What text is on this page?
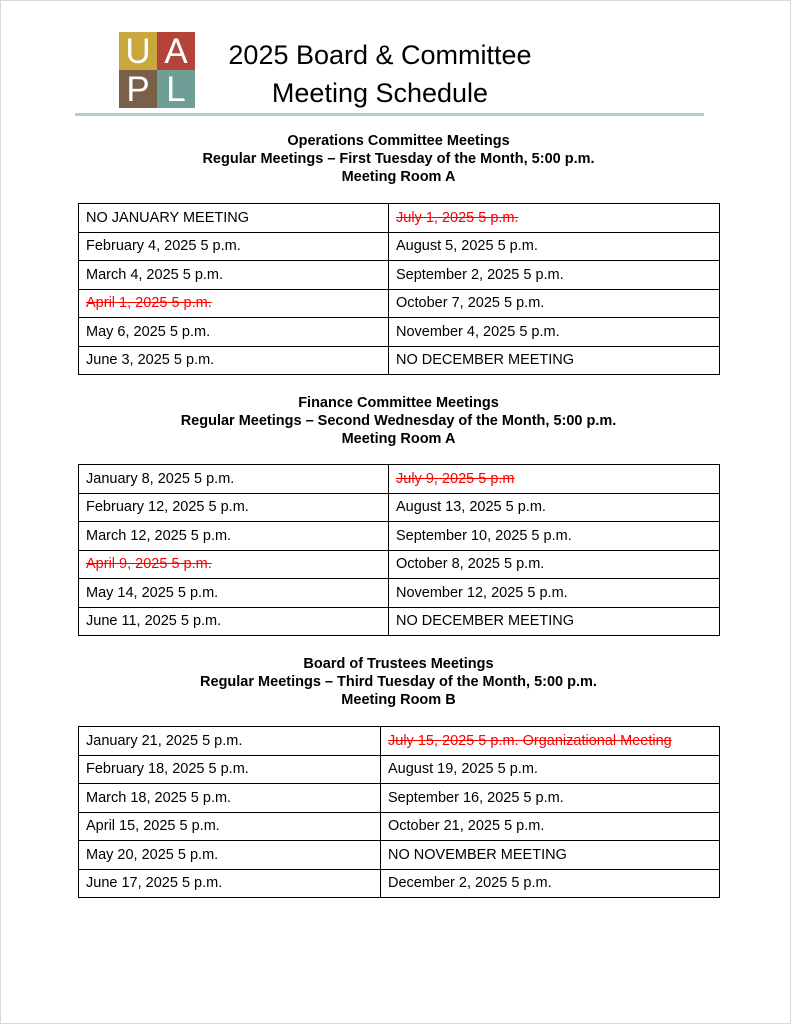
U A
P L
2025 Board & Committee
Meeting Schedule
Operations Committee Meetings
Regular Meetings – First Tuesday of the Month, 5:00 p.m.
Meeting Room A
NO JANUARY MEETING	July 1, 2025 5 p.m.
February 4, 2025 5 p.m.	August 5, 2025 5 p.m.
March 4, 2025 5 p.m.	September 2, 2025 5 p.m.
April 1, 2025 5 p.m.	October 7, 2025 5 p.m.
May 6, 2025 5 p.m.	November 4, 2025 5 p.m.
June 3, 2025 5 p.m.	NO DECEMBER MEETING
Finance Committee Meetings
Regular Meetings – Second Wednesday of the Month, 5:00 p.m.
Meeting Room A
January 8, 2025 5 p.m.	July 9, 2025 5 p.m
February 12, 2025 5 p.m.	August 13, 2025 5 p.m.
March 12, 2025 5 p.m.	September 10, 2025 5 p.m.
April 9, 2025 5 p.m.	October 8, 2025 5 p.m.
May 14, 2025 5 p.m.	November 12, 2025 5 p.m.
June 11, 2025 5 p.m.	NO DECEMBER MEETING
Board of Trustees Meetings
Regular Meetings – Third Tuesday of the Month, 5:00 p.m.
Meeting Room B
January 21, 2025 5 p.m.	July 15, 2025 5 p.m. Organizational Meeting
February 18, 2025 5 p.m.	August 19, 2025 5 p.m.
March 18, 2025 5 p.m.	September 16, 2025 5 p.m.
April 15, 2025 5 p.m.	October 21, 2025 5 p.m.
May 20, 2025 5 p.m.	NO NOVEMBER MEETING
June 17, 2025 5 p.m.	December 2, 2025 5 p.m.
